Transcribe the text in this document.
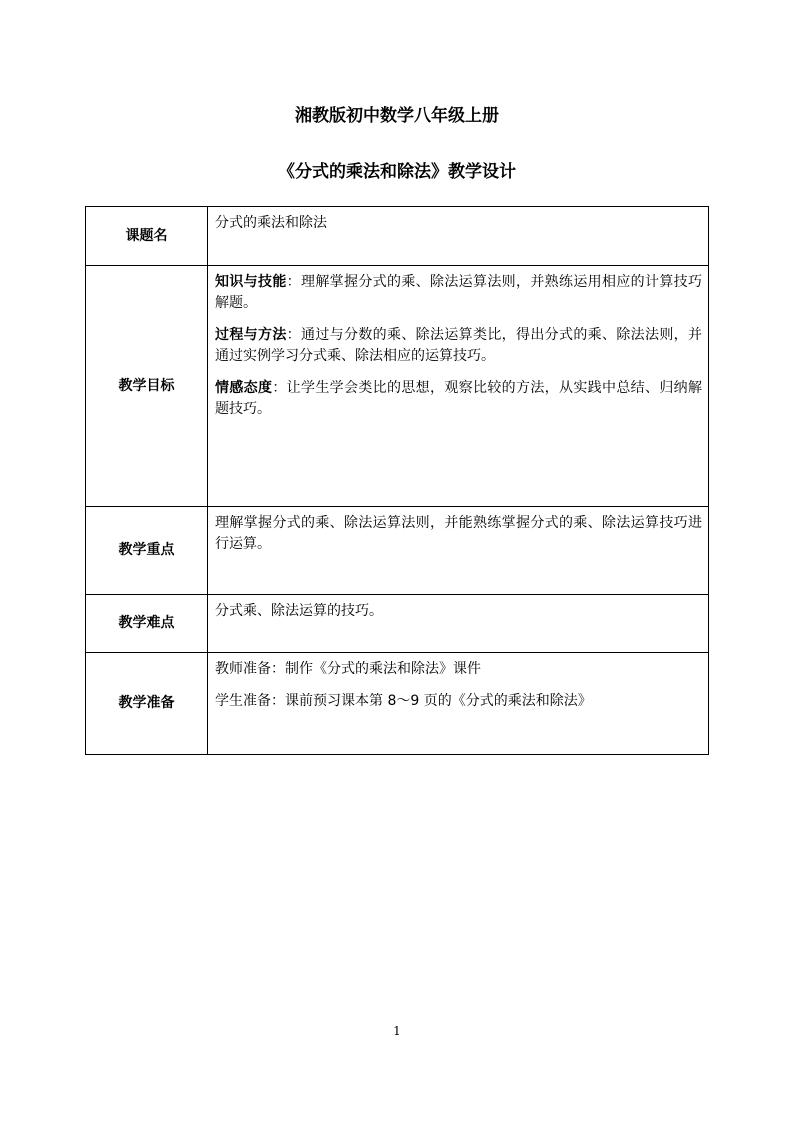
湘教版初中数学八年级上册
《分式的乘法和除法》教学设计
课题名	分式的乘法和除法

教学目标	知识与技能：理解掌握分式的乘、除法运算法则，并熟练运用相应的计算技巧解题。

过程与方法：通过与分数的乘、除法运算类比，得出分式的乘、除法法则，并通过实例学习分式乘、除法相应的运算技巧。

情感态度：让学生学会类比的思想，观察比较的方法，从实践中总结、归纳解题技巧。

教学重点	理解掌握分式的乘、除法运算法则，并能熟练掌握分式的乘、除法运算技巧进行运算。

教学难点	分式乘、除法运算的技巧。

教学准备	教师准备：制作《分式的乘法和除法》课件

学生准备：课前预习课本第 8～9 页的《分式的乘法和除法》

1
